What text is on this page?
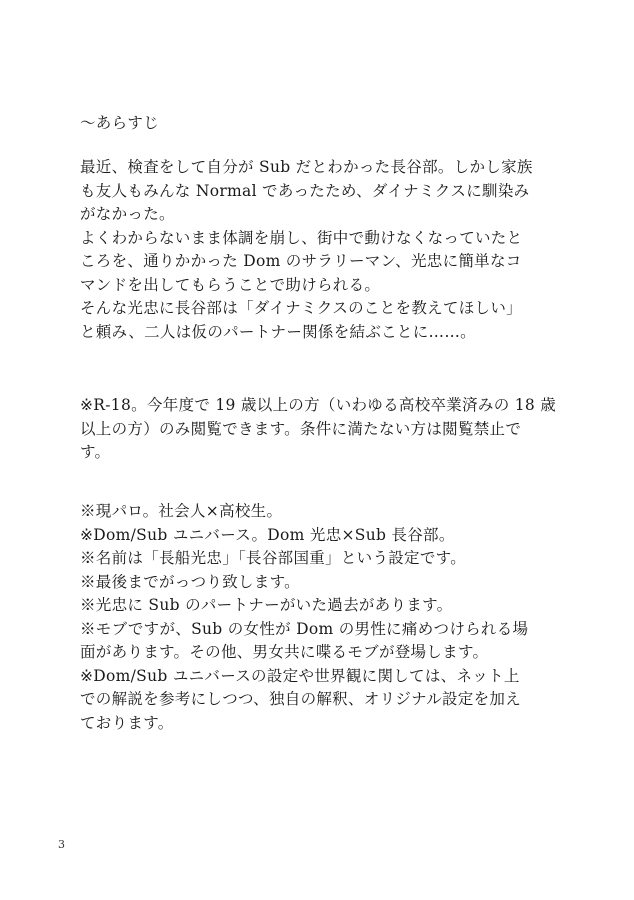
～あらすじ
最近、検査をして自分が Sub だとわかった長谷部。しかし家族
も友人もみんな Normal であったため、ダイナミクスに馴染み
がなかった。
よくわからないまま体調を崩し、街中で動けなくなっていたと
ころを、通りかかった Dom のサラリーマン、光忠に簡単なコ
マンドを出してもらうことで助けられる。
そんな光忠に長谷部は「ダイナミクスのことを教えてほしい」
と頼み、二人は仮のパートナー関係を結ぶことに……。
※R-18。今年度で 19 歳以上の方（いわゆる高校卒業済みの 18 歳
以上の方）のみ閲覧できます。条件に満たない方は閲覧禁止で
す。
※現パロ。社会人×高校生。
※Dom/Sub ユニバース。Dom 光忠×Sub 長谷部。
※名前は「長船光忠」「長谷部国重」という設定です。
※最後までがっつり致します。
※光忠に Sub のパートナーがいた過去があります。
※モブですが、Sub の女性が Dom の男性に痛めつけられる場
面があります。その他、男女共に喋るモブが登場します。
※Dom/Sub ユニバースの設定や世界観に関しては、ネット上
での解説を参考にしつつ、独自の解釈、オリジナル設定を加え
ております。
3
